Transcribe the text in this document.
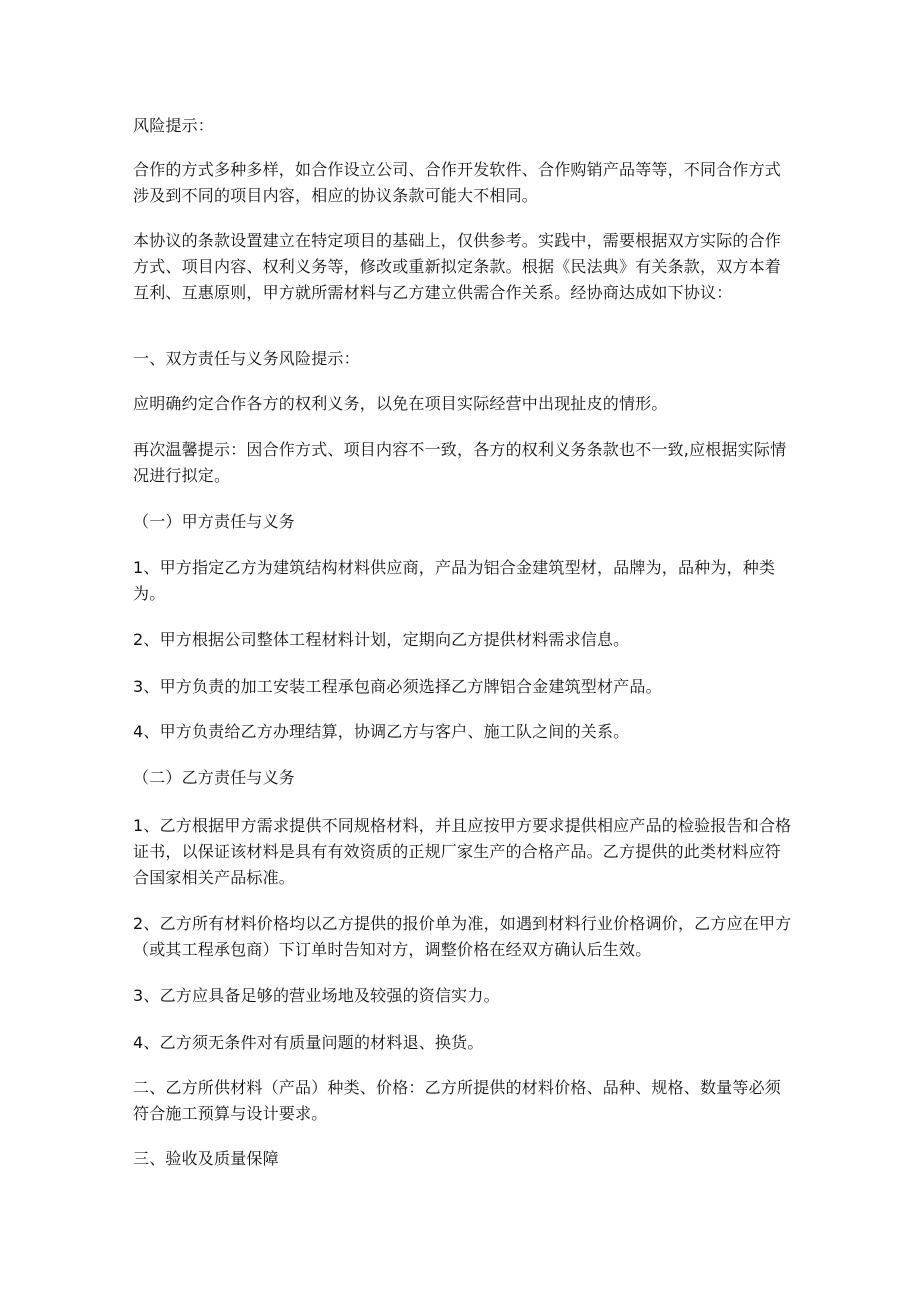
风险提示：

合作的方式多种多样，如合作设立公司、合作开发软件、合作购销产品等等，不同合作方式涉及到不同的项目内容，相应的协议条款可能大不相同。

本协议的条款设置建立在特定项目的基础上，仅供参考。实践中，需要根据双方实际的合作方式、项目内容、权利义务等，修改或重新拟定条款。根据《民法典》有关条款，双方本着互利、互惠原则，甲方就所需材料与乙方建立供需合作关系。经协商达成如下协议：

一、双方责任与义务风险提示：

应明确约定合作各方的权利义务，以免在项目实际经营中出现扯皮的情形。

再次温馨提示：因合作方式、项目内容不一致，各方的权利义务条款也不一致,应根据实际情况进行拟定。

（一）甲方责任与义务

1、甲方指定乙方为建筑结构材料供应商，产品为铝合金建筑型材，品牌为，品种为，种类为。

2、甲方根据公司整体工程材料计划，定期向乙方提供材料需求信息。

3、甲方负责的加工安装工程承包商必须选择乙方牌铝合金建筑型材产品。

4、甲方负责给乙方办理结算，协调乙方与客户、施工队之间的关系。

（二）乙方责任与义务

1、乙方根据甲方需求提供不同规格材料，并且应按甲方要求提供相应产品的检验报告和合格证书，以保证该材料是具有有效资质的正规厂家生产的合格产品。乙方提供的此类材料应符合国家相关产品标准。

2、乙方所有材料价格均以乙方提供的报价单为准，如遇到材料行业价格调价，乙方应在甲方（或其工程承包商）下订单时告知对方，调整价格在经双方确认后生效。

3、乙方应具备足够的营业场地及较强的资信实力。

4、乙方须无条件对有质量问题的材料退、换货。

二、乙方所供材料（产品）种类、价格：乙方所提供的材料价格、品种、规格、数量等必须符合施工预算与设计要求。

三、验收及质量保障
